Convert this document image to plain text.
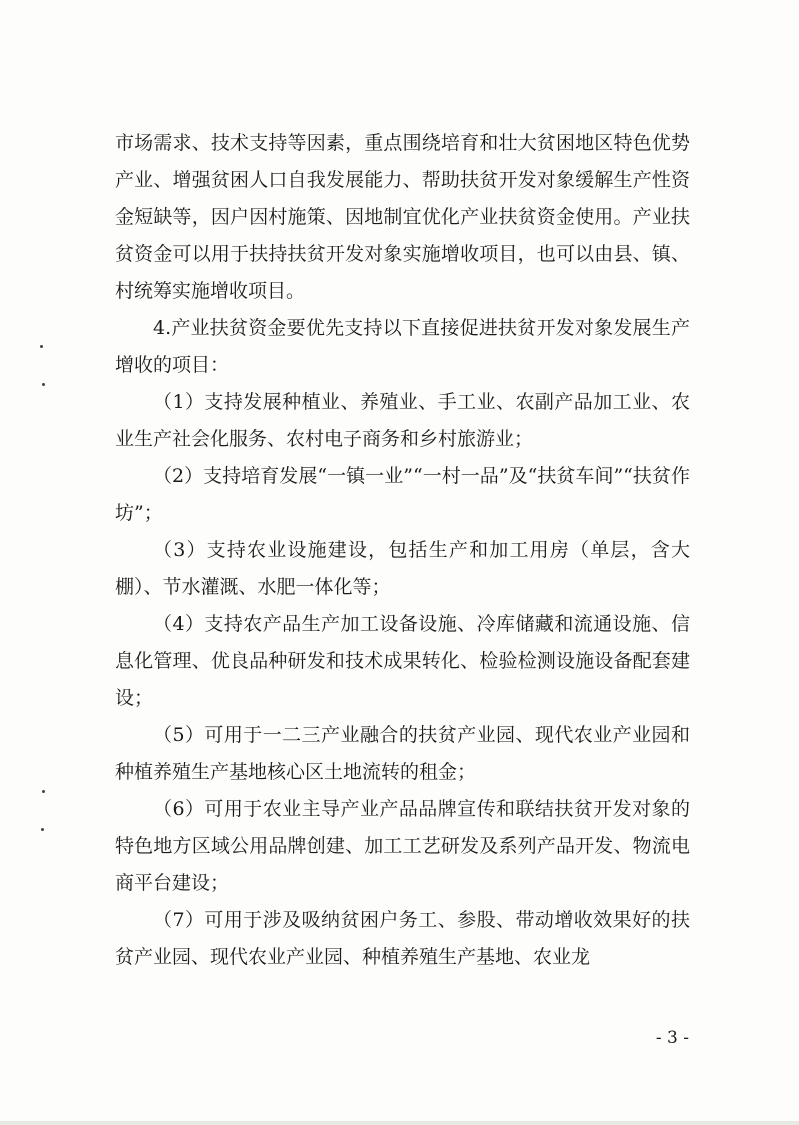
市场需求、技术支持等因素，重点围绕培育和壮大贫困地区特色优势产业、增强贫困人口自我发展能力、帮助扶贫开发对象缓解生产性资金短缺等，因户因村施策、因地制宜优化产业扶贫资金使用。产业扶贫资金可以用于扶持扶贫开发对象实施增收项目，也可以由县、镇、村统筹实施增收项目。

4.产业扶贫资金要优先支持以下直接促进扶贫开发对象发展生产增收的项目：

（1）支持发展种植业、养殖业、手工业、农副产品加工业、农业生产社会化服务、农村电子商务和乡村旅游业；

（2）支持培育发展“一镇一业”“一村一品”及“扶贫车间”“扶贫作坊”；

（3）支持农业设施建设，包括生产和加工用房（单层，含大棚）、节水灌溉、水肥一体化等；

（4）支持农产品生产加工设备设施、冷库储藏和流通设施、信息化管理、优良品种研发和技术成果转化、检验检测设施设备配套建设；

（5）可用于一二三产业融合的扶贫产业园、现代农业产业园和种植养殖生产基地核心区土地流转的租金；

（6）可用于农业主导产业产品品牌宣传和联结扶贫开发对象的特色地方区域公用品牌创建、加工工艺研发及系列产品开发、物流电商平台建设；

（7）可用于涉及吸纳贫困户务工、参股、带动增收效果好的扶贫产业园、现代农业产业园、种植养殖生产基地、农业龙

- 3 -
